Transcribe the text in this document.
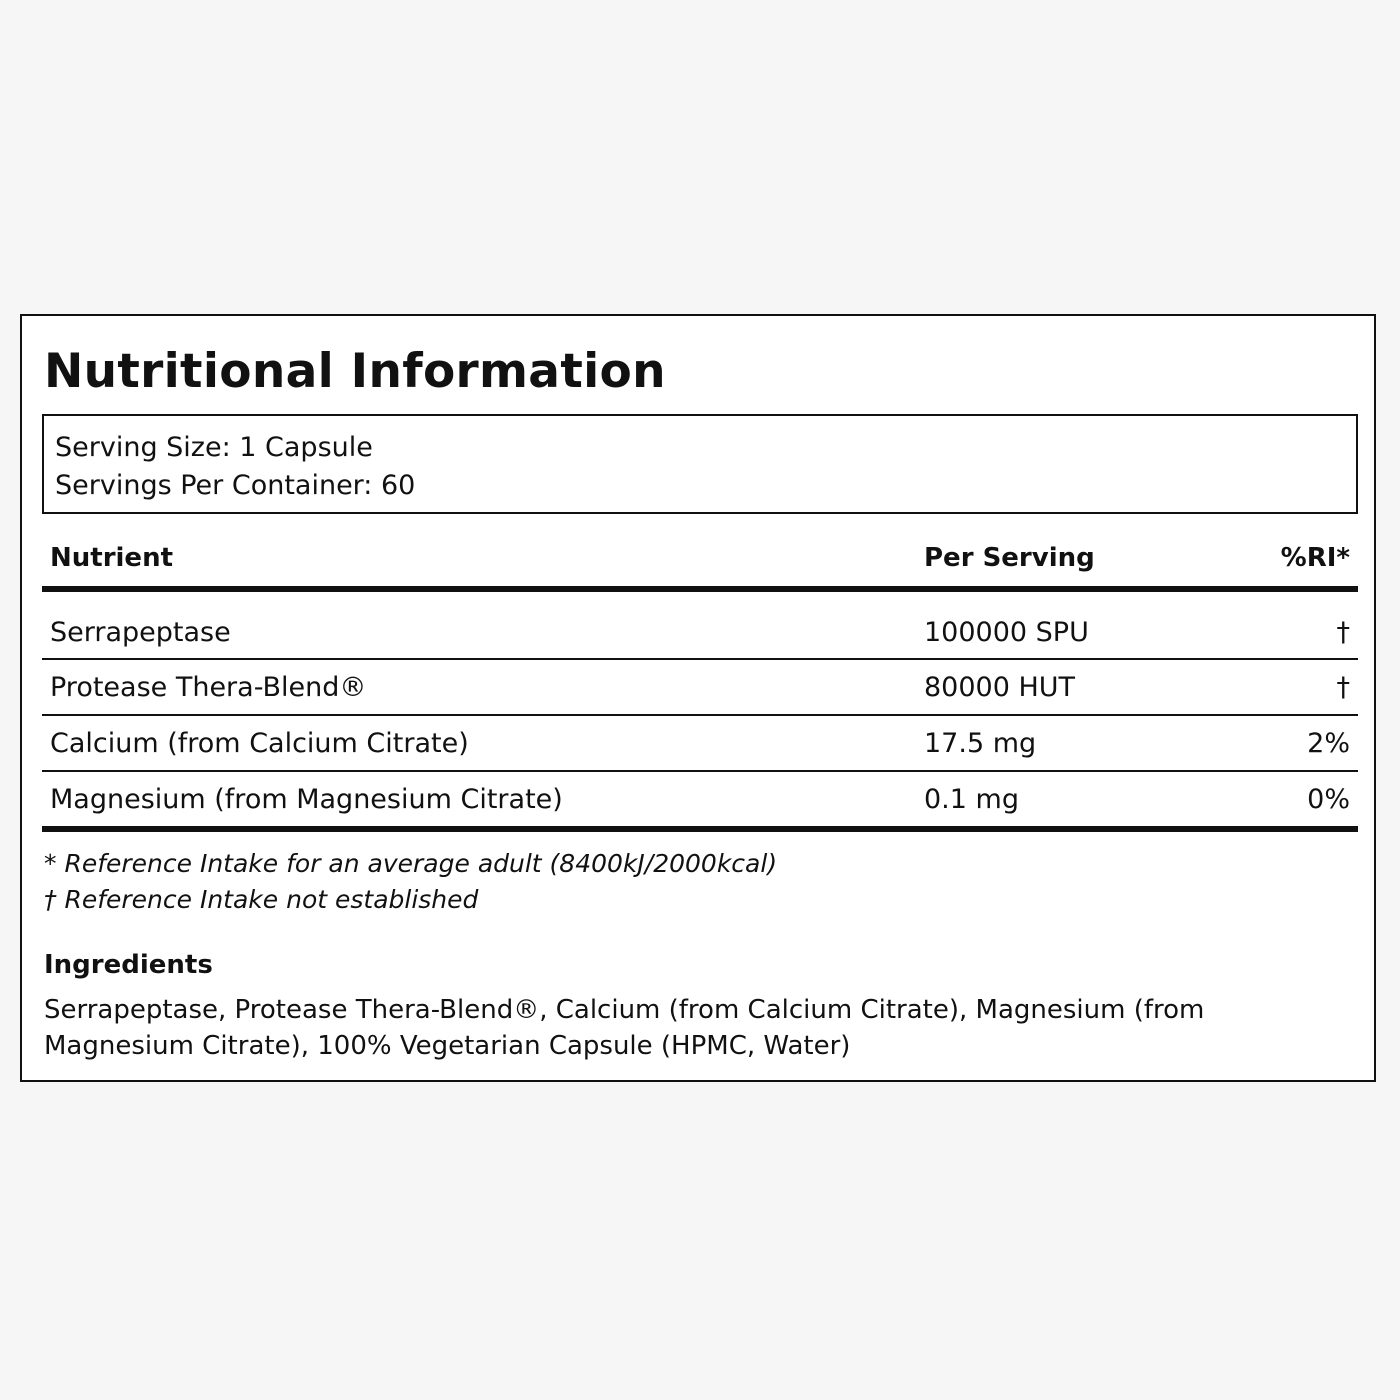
Nutritional Information
Serving Size: 1 Capsule
Servings Per Container: 60
Nutrient	Per Serving	%RI*
Serrapeptase	100000 SPU	†
Protease Thera-Blend®	80000 HUT	†
Calcium (from Calcium Citrate)	17.5 mg	2%
Magnesium (from Magnesium Citrate)	0.1 mg	0%
* Reference Intake for an average adult (8400kJ/2000kcal)
† Reference Intake not established
Ingredients

Serrapeptase, Protease Thera-Blend®, Calcium (from Calcium Citrate), Magnesium (from Magnesium Citrate), 100% Vegetarian Capsule (HPMC, Water)
